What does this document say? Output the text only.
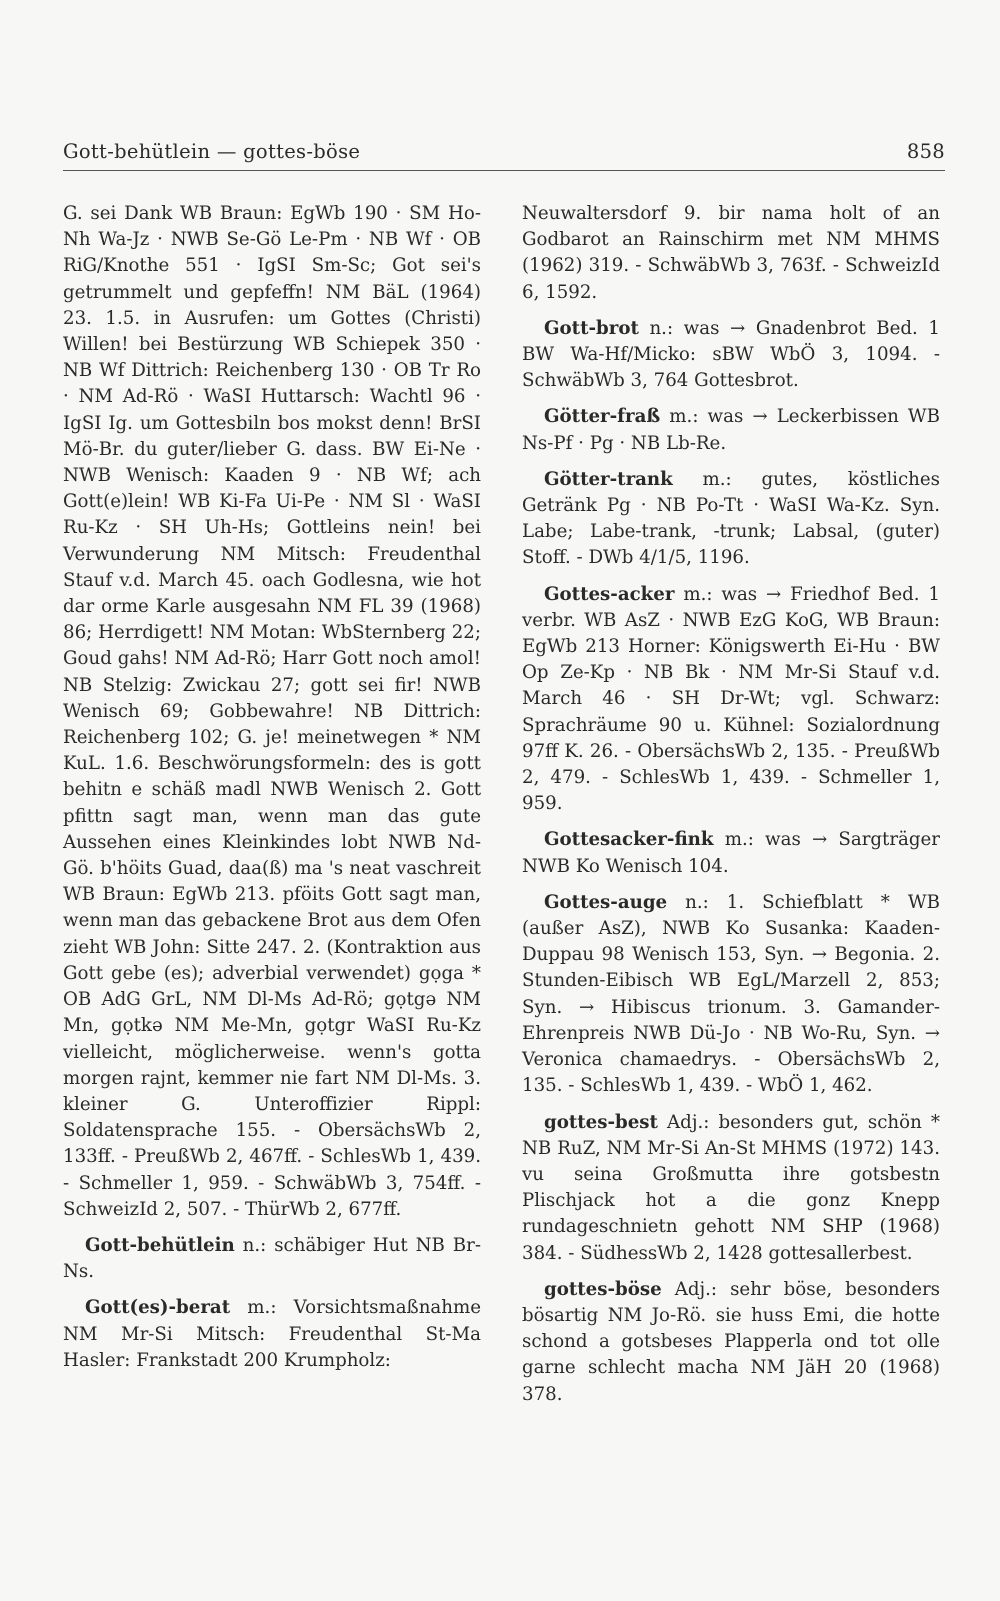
Gott-behütlein — gottes-böse	858

G. sei Dank WB Braun: EgWb 190 · SM Ho-Nh Wa-Jz · NWB Se-Gö Le-Pm · NB Wf · OB RiG/Knothe 551 · IgSI Sm-Sc; Got sei's getrummelt und gepfeffn! NM BäL (1964) 23. 1.5. in Ausrufen: um Gottes (Christi) Willen! bei Bestürzung WB Schiepek 350 · NB Wf Dittrich: Reichenberg 130 · OB Tr Ro · NM Ad-Rö · WaSI Huttarsch: Wachtl 96 · IgSI Ig. um Gottesbiln bos mokst denn! BrSI Mö-Br. du guter/lieber G. dass. BW Ei-Ne · NWB Wenisch: Kaaden 9 · NB Wf; ach Gott(e)lein! WB Ki-Fa Ui-Pe · NM Sl · WaSI Ru-Kz · SH Uh-Hs; Gottleins nein! bei Verwunderung NM Mitsch: Freudenthal Stauf v.d. March 45. oach Godlesna, wie hot dar orme Karle ausgesahn NM FL 39 (1968) 86; Herrdigett! NM Motan: WbSternberg 22; Goud gahs! NM Ad-Rö; Harr Gott noch amol! NB Stelzig: Zwickau 27; gott sei fir! NWB Wenisch 69; Gobbewahre! NB Dittrich: Reichenberg 102; G. je! meinetwegen * NM KuL. 1.6. Beschwörungsformeln: des is gott behitn e schäß madl NWB Wenisch 2. Gott pfittn sagt man, wenn man das gute Aussehen eines Kleinkindes lobt NWB Nd-Gö. b'höits Guad, daa(ß) ma 's neat vaschreit WB Braun: EgWb 213. pföits Gott sagt man, wenn man das gebackene Brot aus dem Ofen zieht WB John: Sitte 247. 2. (Kontraktion aus Gott gebe (es); adverbial verwendet) gọga * OB AdG GrL, NM Dl-Ms Ad-Rö; gọtgə NM Mn, gọtkə NM Me-Mn, gọtgr WaSI Ru-Kz vielleicht, möglicherweise. wenn's gotta morgen rajnt, kemmer nie fart NM Dl-Ms. 3. kleiner G. Unteroffizier Rippl: Soldatensprache 155. - ObersächsWb 2, 133ff. - PreußWb 2, 467ff. - SchlesWb 1, 439. - Schmeller 1, 959. - SchwäbWb 3, 754ff. - SchweizId 2, 507. - ThürWb 2, 677ff.

Gott-behütlein n.: schäbiger Hut NB Br-Ns.

Gott(es)-berat m.: Vorsichtsmaßnahme NM Mr-Si Mitsch: Freudenthal St-Ma Hasler: Frankstadt 200 Krumpholz:

Neuwaltersdorf 9. bir nama holt of an Godbarot an Rainschirm met NM MHMS (1962) 319. - SchwäbWb 3, 763f. - SchweizId 6, 1592.

Gott-brot n.: was → Gnadenbrot Bed. 1 BW Wa-Hf/Micko: sBW WbÖ 3, 1094. - SchwäbWb 3, 764 Gottesbrot.

Götter-fraß m.: was → Leckerbissen WB Ns-Pf · Pg · NB Lb-Re.

Götter-trank m.: gutes, köstliches Getränk Pg · NB Po-Tt · WaSI Wa-Kz. Syn. Labe; Labe-trank, -trunk; Labsal, (guter) Stoff. - DWb 4/1/5, 1196.

Gottes-acker m.: was → Friedhof Bed. 1 verbr. WB AsZ · NWB EzG KoG, WB Braun: EgWb 213 Horner: Königswerth Ei-Hu · BW Op Ze-Kp · NB Bk · NM Mr-Si Stauf v.d. March 46 · SH Dr-Wt; vgl. Schwarz: Sprachräume 90 u. Kühnel: Sozialordnung 97ff K. 26. - ObersächsWb 2, 135. - PreußWb 2, 479. - SchlesWb 1, 439. - Schmeller 1, 959.

Gottesacker-fink m.: was → Sargträger NWB Ko Wenisch 104.

Gottes-auge n.: 1. Schiefblatt * WB (außer AsZ), NWB Ko Susanka: Kaaden-Duppau 98 Wenisch 153, Syn. → Begonia. 2. Stunden-Eibisch WB EgL/Marzell 2, 853; Syn. → Hibiscus trionum. 3. Gamander-Ehrenpreis NWB Dü-Jo · NB Wo-Ru, Syn. → Veronica chamaedrys. - ObersächsWb 2, 135. - SchlesWb 1, 439. - WbÖ 1, 462.

gottes-best Adj.: besonders gut, schön * NB RuZ, NM Mr-Si An-St MHMS (1972) 143. vu seina Großmutta ihre gotsbestn Plischjack hot a die gonz Knepp rundageschnietn gehott NM SHP (1968) 384. - SüdhessWb 2, 1428 gottesallerbest.

gottes-böse Adj.: sehr böse, besonders bösartig NM Jo-Rö. sie huss Emi, die hotte schond a gotsbeses Plapperla ond tot olle garne schlecht macha NM JäH 20 (1968) 378.
